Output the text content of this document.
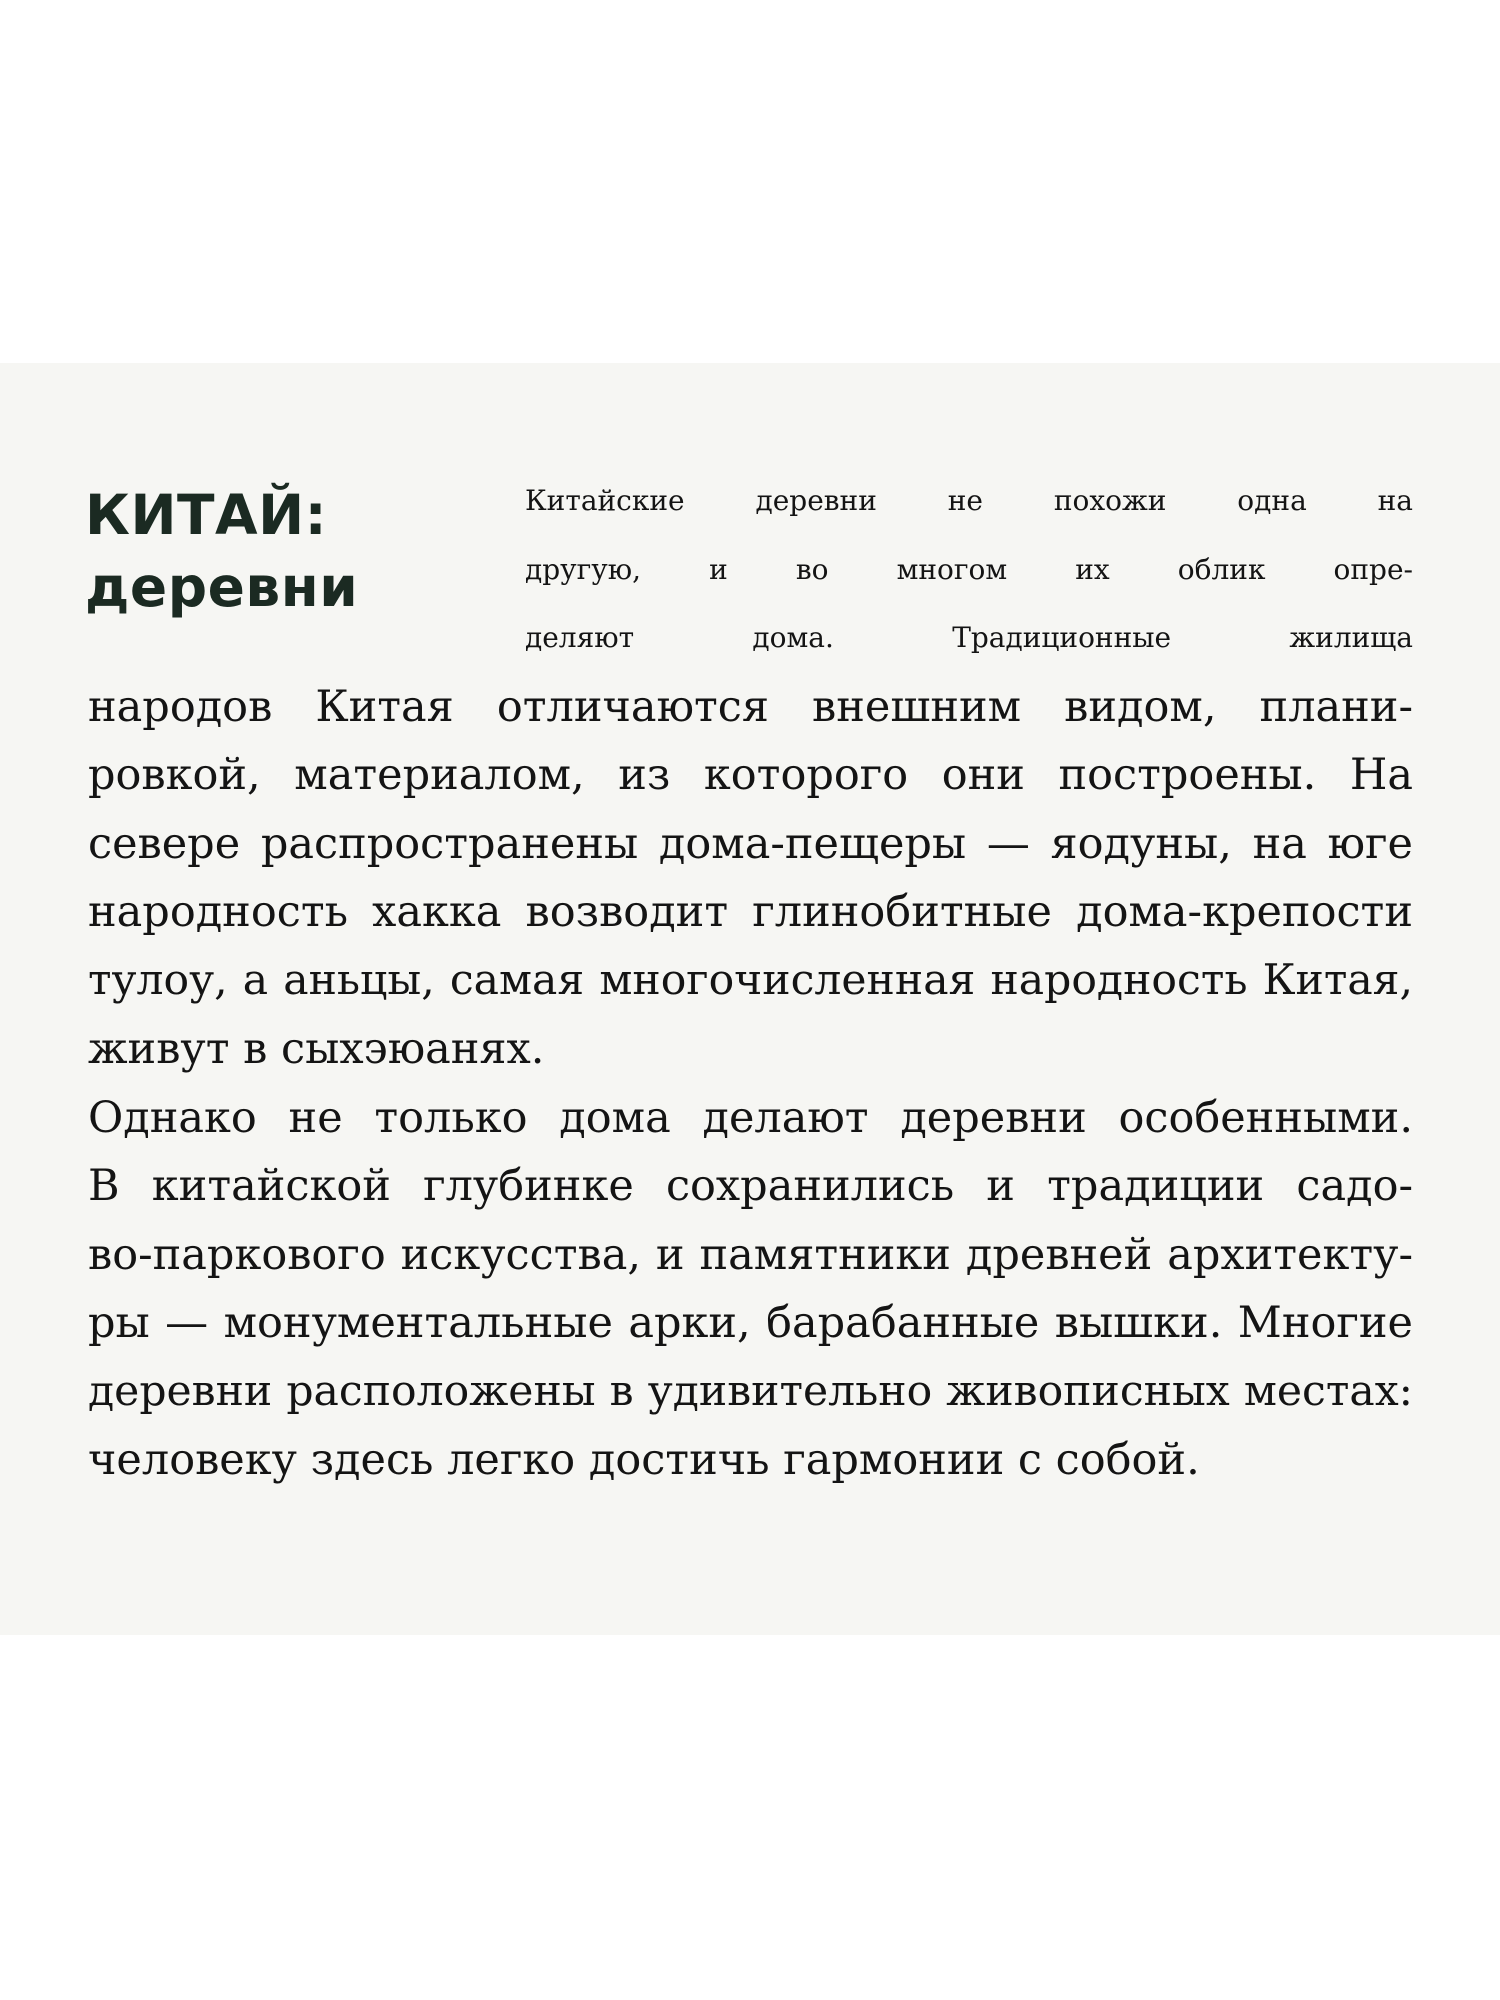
КИТАЙ:
деревни
Китайские деревни не похожи одна на
другую, и во многом их облик опре-
деляют дома. Традиционные жилища
народов Китая отличаются внешним видом, плани-
ровкой, материалом, из которого они построены. На
севере распространены дома-пещеры — яодуны, на юге
народность хакка возводит глинобитные дома-крепости
тулоу, а аньцы, самая многочисленная народность Китая,
живут в сыхэюанях.
Однако не только дома делают деревни особенными.
В китайской глубинке сохранились и традиции садо-
во-паркового искусства, и памятники древней архитекту-
ры — монументальные арки, барабанные вышки. Многие
деревни расположены в удивительно живописных местах:
человеку здесь легко достичь гармонии с собой.
